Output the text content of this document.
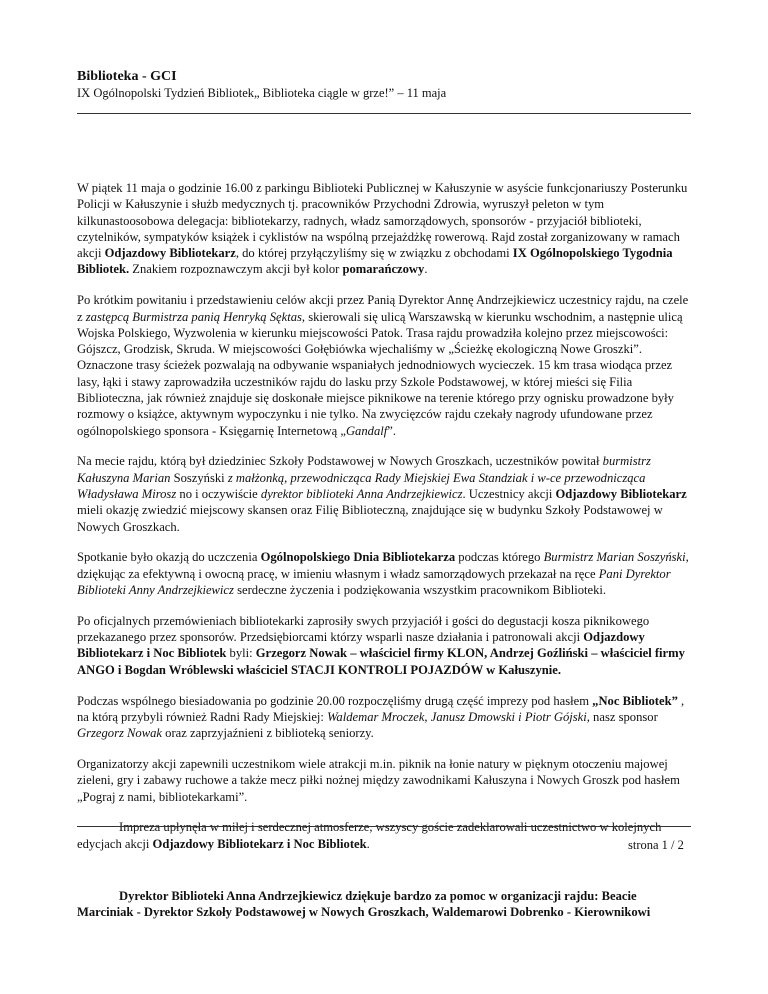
Biblioteka - GCI
IX Ogólnopolski Tydzień Bibliotek„ Biblioteka ciągle w grze!” – 11 maja

W piątek 11 maja o godzinie 16.00 z parkingu Biblioteki Publicznej w Kałuszynie w asyście funkcjonariuszy Posterunku Policji w Kałuszynie i służb medycznych tj. pracowników Przychodni Zdrowia, wyruszył peleton w tym kilkunastoosobowa delegacja: bibliotekarzy, radnych, władz samorządowych, sponsorów - przyjaciół biblioteki, czytelników, sympatyków książek i cyklistów na wspólną przejażdżkę rowerową. Rajd został zorganizowany w ramach akcji Odjazdowy Bibliotekarz, do której przyłączyliśmy się w związku z obchodami IX Ogólnopolskiego Tygodnia Bibliotek. Znakiem rozpoznawczym akcji był kolor pomarańczowy.

Po krótkim powitaniu i przedstawieniu celów akcji przez Panią Dyrektor Annę Andrzejkiewicz uczestnicy rajdu, na czele z zastępcą Burmistrza panią Henryką Sęktas, skierowali się ulicą Warszawską w kierunku wschodnim, a następnie ulicą Wojska Polskiego, Wyzwolenia w kierunku miejscowości Patok. Trasa rajdu prowadziła kolejno przez miejscowości: Gójszcz, Grodzisk, Skruda. W miejscowości Gołębiówka wjechaliśmy w „Ścieżkę ekologiczną Nowe Groszki”. Oznaczone trasy ścieżek pozwalają na odbywanie wspaniałych jednodniowych wycieczek. 15 km trasa wiodąca przez lasy, łąki i stawy zaprowadziła uczestników rajdu do lasku przy Szkole Podstawowej, w której mieści się Filia Biblioteczna, jak również znajduje się doskonałe miejsce piknikowe na terenie którego przy ognisku prowadzone były rozmowy o książce, aktywnym wypoczynku i nie tylko. Na zwycięzców rajdu czekały nagrody ufundowane przez ogólnopolskiego sponsora - Księgarnię Internetową „Gandalf”.

Na mecie rajdu, którą był dziedziniec Szkoły Podstawowej w Nowych Groszkach, uczestników powitał burmistrz Kałuszyna Marian Soszyński z małżonką, przewodnicząca Rady Miejskiej Ewa Standziak i w-ce przewodnicząca Władysława Mirosz no i oczywiście dyrektor biblioteki Anna Andrzejkiewicz. Uczestnicy akcji Odjazdowy Bibliotekarz mieli okazję zwiedzić miejscowy skansen oraz Filię Biblioteczną, znajdujące się w budynku Szkoły Podstawowej w Nowych Groszkach.

Spotkanie było okazją do uczczenia Ogólnopolskiego Dnia Bibliotekarza podczas którego Burmistrz Marian Soszyński, dziękując za efektywną i owocną pracę, w imieniu własnym i władz samorządowych przekazał na ręce Pani Dyrektor Biblioteki Anny Andrzejkiewicz serdeczne życzenia i podziękowania wszystkim pracownikom Biblioteki.

Po oficjalnych przemówieniach bibliotekarki zaprosiły swych przyjaciół i gości do degustacji kosza piknikowego przekazanego przez sponsorów. Przedsiębiorcami którzy wsparli nasze działania i patronowali akcji Odjazdowy Bibliotekarz i Noc Bibliotek byli: Grzegorz Nowak – właściciel firmy KLON, Andrzej Goźliński – właściciel firmy ANGO i Bogdan Wróblewski właściciel STACJI KONTROLI POJAZDÓW w Kałuszynie.

Podczas wspólnego biesiadowania po godzinie 20.00 rozpoczęliśmy drugą część imprezy pod hasłem „Noc Bibliotek” , na którą przybyli również Radni Rady Miejskiej: Waldemar Mroczek, Janusz Dmowski i Piotr Gójski, nasz sponsor Grzegorz Nowak oraz zaprzyjaźnieni z biblioteką seniorzy.

Organizatorzy akcji zapewnili uczestnikom wiele atrakcji m.in. piknik na łonie natury w pięknym otoczeniu majowej zieleni, gry i zabawy ruchowe a także mecz piłki nożnej między zawodnikami Kałuszyna i Nowych Groszk pod hasłem „Pograj z nami, bibliotekarkami”.

Impreza upłynęła w miłej i serdecznej atmosferze, wszyscy goście zadeklarowali uczestnictwo w kolejnych edycjach akcji Odjazdowy Bibliotekarz i Noc Bibliotek.

Dyrektor Biblioteki Anna Andrzejkiewicz dziękuje bardzo za pomoc w organizacji rajdu: Beacie Marciniak - Dyrektor Szkoły Podstawowej w Nowych Groszkach, Waldemarowi Dobrenko - Kierownikowi

strona 1 / 2
